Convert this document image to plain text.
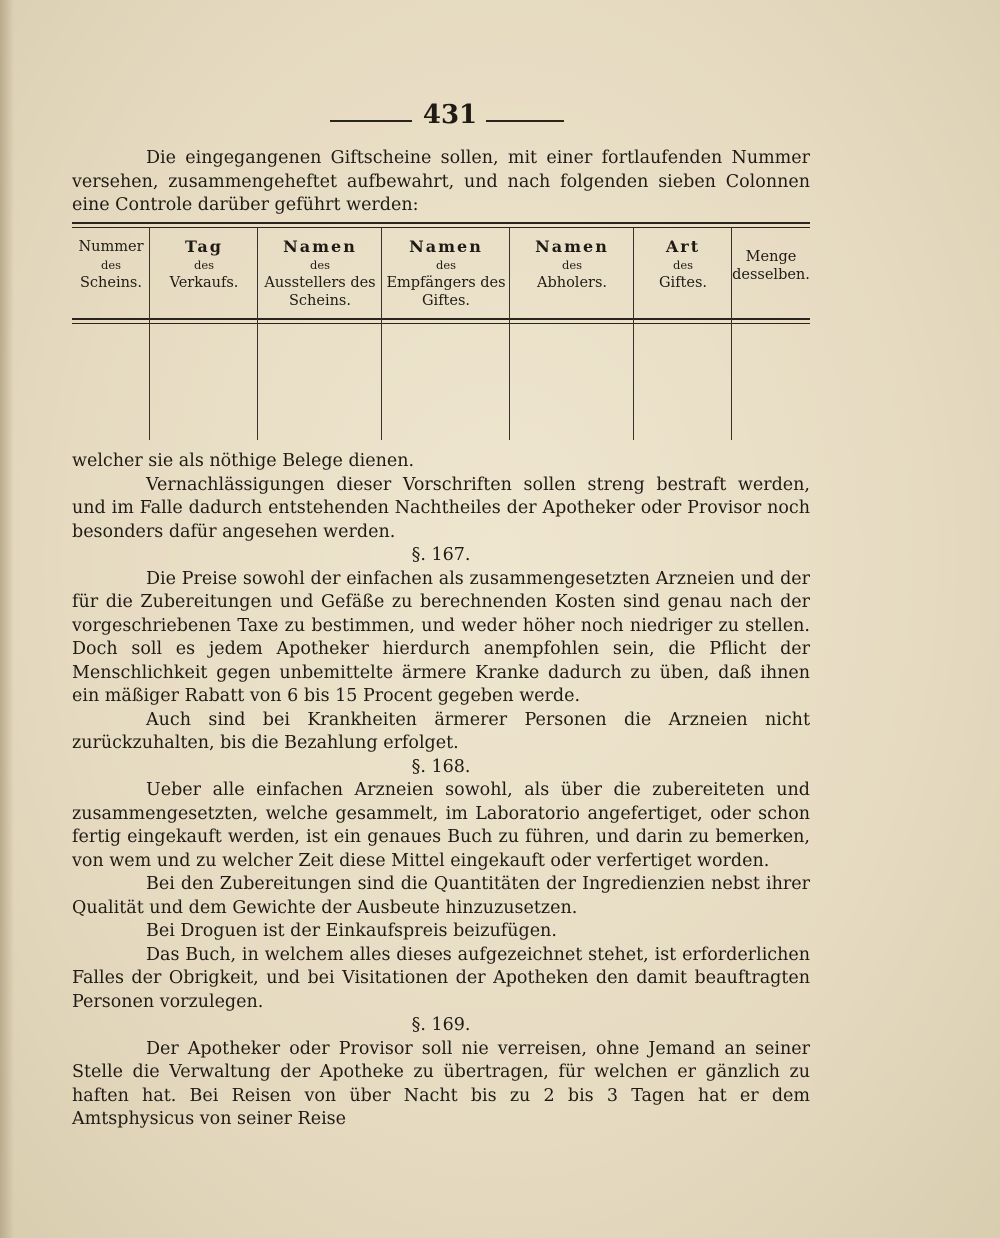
431

Die eingegangenen Giftscheine sollen, mit einer fortlaufenden Nummer versehen, zusammengeheftet aufbewahrt, und nach folgenden sieben Colonnen eine Controle darüber geführt werden:

Nummer
des
Scheins.
Tag
des
Verkaufs.
Namen
des
Ausstellers des Scheins.
Namen
des
Empfängers des Giftes.
Namen
des
Abholers.
Art
des
Giftes.
Menge
desselben.

welcher sie als nöthige Belege dienen.

Vernachlässigungen dieser Vorschriften sollen streng bestraft werden, und im Falle dadurch entstehenden Nachtheiles der Apotheker oder Provisor noch besonders dafür angesehen werden.

§. 167.

Die Preise sowohl der einfachen als zusammengesetzten Arzneien und der für die Zubereitungen und Gefäße zu berechnenden Kosten sind genau nach der vorgeschriebenen Taxe zu bestimmen, und weder höher noch niedriger zu stellen. Doch soll es jedem Apotheker hierdurch anempfohlen sein, die Pflicht der Menschlichkeit gegen unbemittelte ärmere Kranke dadurch zu üben, daß ihnen ein mäßiger Rabatt von 6 bis 15 Procent gegeben werde.

Auch sind bei Krankheiten ärmerer Personen die Arzneien nicht zurückzuhalten, bis die Bezahlung erfolget.

§. 168.

Ueber alle einfachen Arzneien sowohl, als über die zubereiteten und zusammengesetzten, welche gesammelt, im Laboratorio angefertiget, oder schon fertig eingekauft werden, ist ein genaues Buch zu führen, und darin zu bemerken, von wem und zu welcher Zeit diese Mittel eingekauft oder verfertiget worden.

Bei den Zubereitungen sind die Quantitäten der Ingredienzien nebst ihrer Qualität und dem Gewichte der Ausbeute hinzuzusetzen.

Bei Droguen ist der Einkaufspreis beizufügen.

Das Buch, in welchem alles dieses aufgezeichnet stehet, ist erforderlichen Falles der Obrigkeit, und bei Visitationen der Apotheken den damit beauftragten Personen vorzulegen.

§. 169.

Der Apotheker oder Provisor soll nie verreisen, ohne Jemand an seiner Stelle die Verwaltung der Apotheke zu übertragen, für welchen er gänzlich zu haften hat. Bei Reisen von über Nacht bis zu 2 bis 3 Tagen hat er dem Amtsphysicus von seiner Reise
